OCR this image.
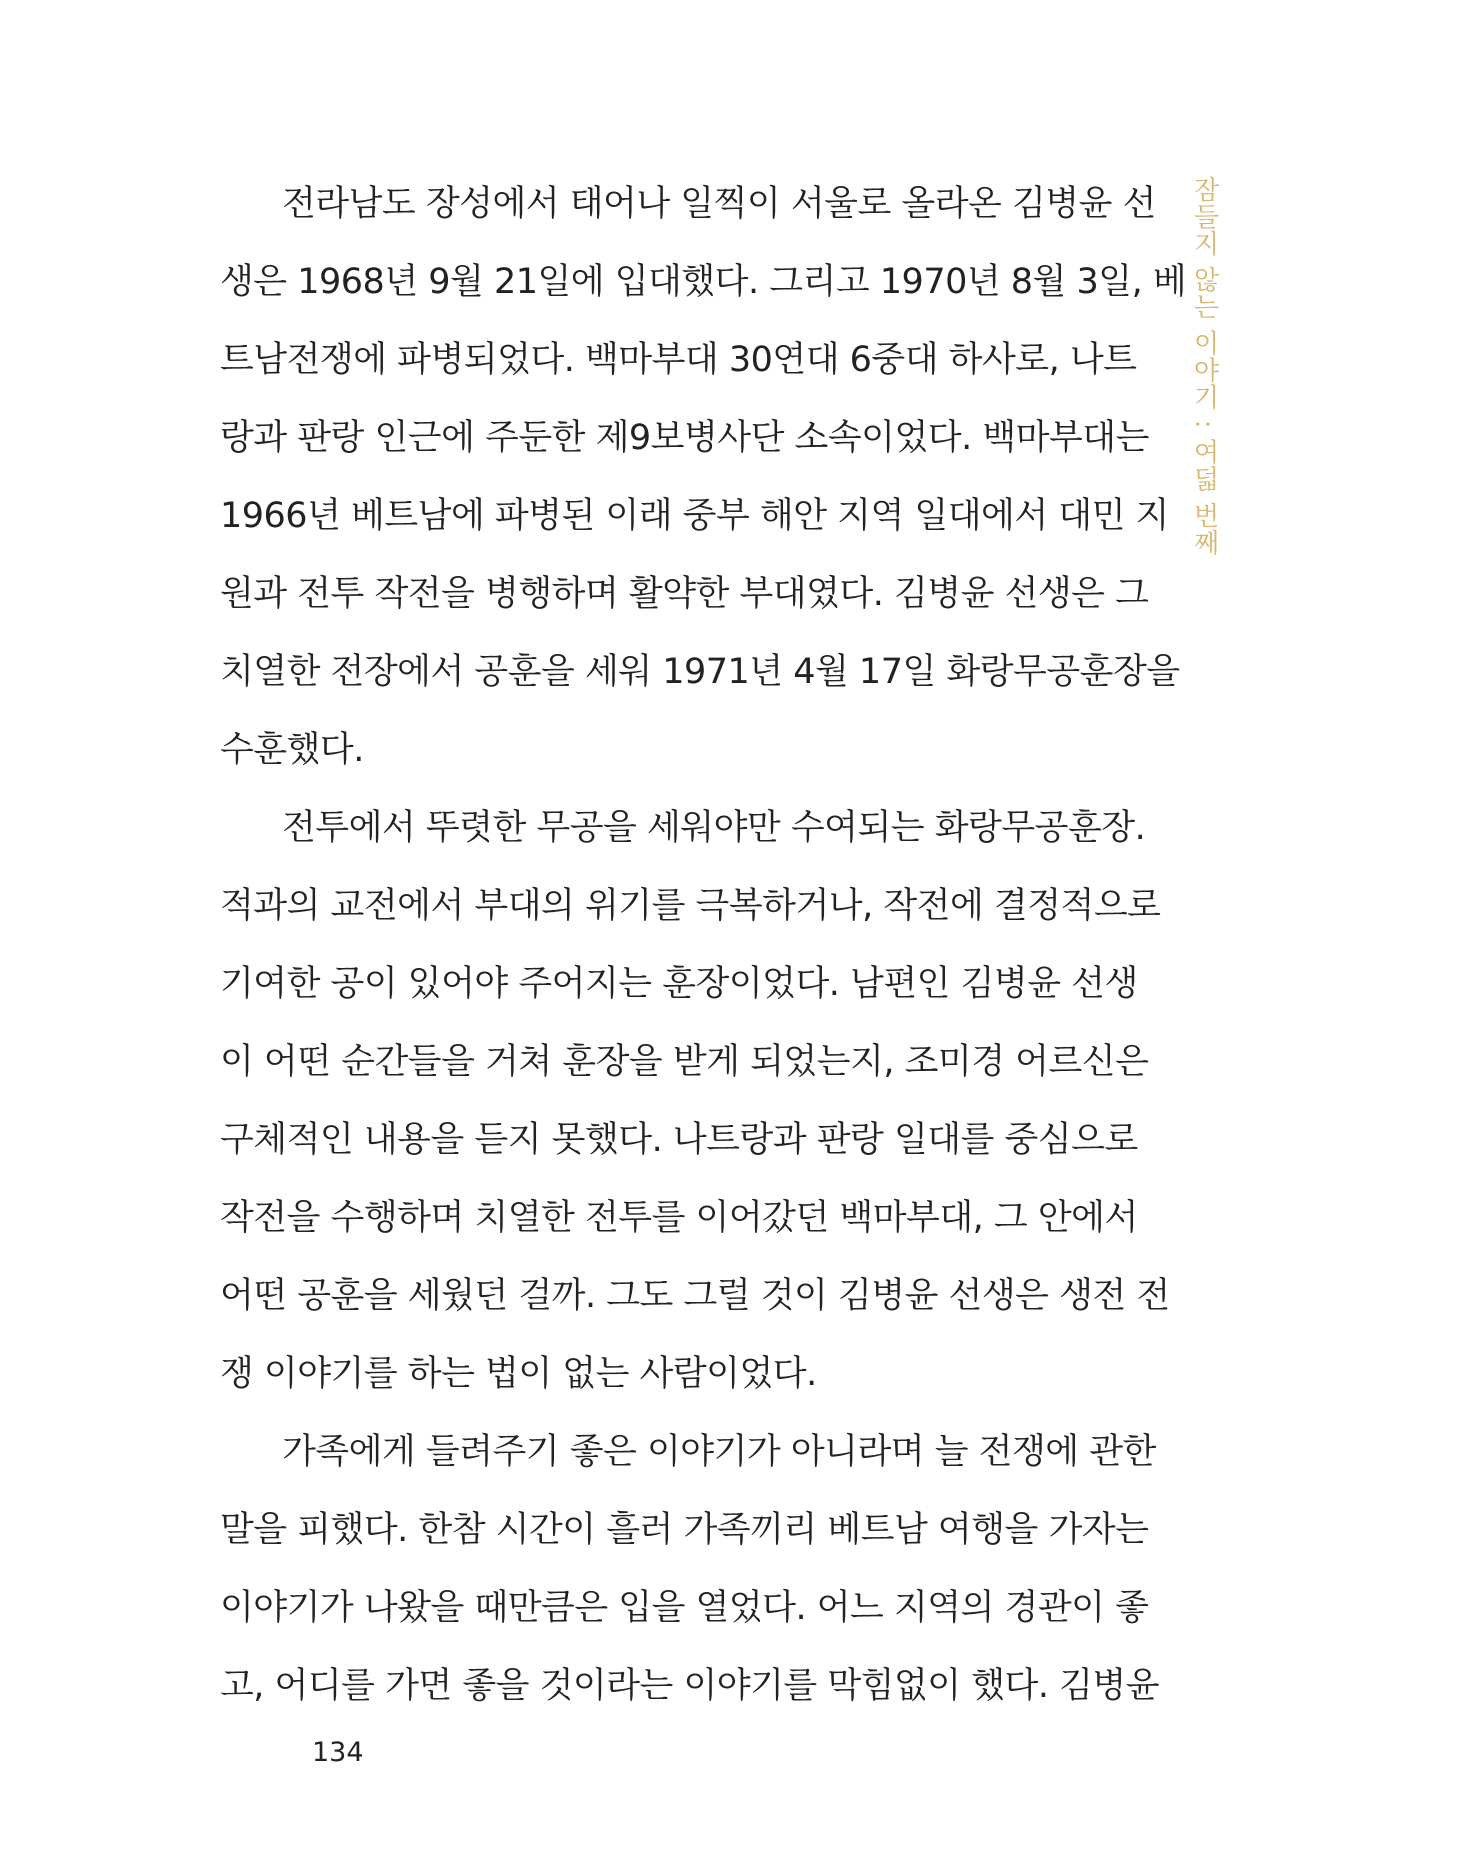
전라남도 장성에서 태어나 일찍이 서울로 올라온 김병윤 선
생은 1968년 9월 21일에 입대했다. 그리고 1970년 8월 3일, 베
트남전쟁에 파병되었다. 백마부대 30연대 6중대 하사로, 나트
랑과 판랑 인근에 주둔한 제9보병사단 소속이었다. 백마부대는
1966년 베트남에 파병된 이래 중부 해안 지역 일대에서 대민 지
원과 전투 작전을 병행하며 활약한 부대였다. 김병윤 선생은 그
치열한 전장에서 공훈을 세워 1971년 4월 17일 화랑무공훈장을
수훈했다.
전투에서 뚜렷한 무공을 세워야만 수여되는 화랑무공훈장.
적과의 교전에서 부대의 위기를 극복하거나, 작전에 결정적으로
기여한 공이 있어야 주어지는 훈장이었다. 남편인 김병윤 선생
이 어떤 순간들을 거쳐 훈장을 받게 되었는지, 조미경 어르신은
구체적인 내용을 듣지 못했다. 나트랑과 판랑 일대를 중심으로
작전을 수행하며 치열한 전투를 이어갔던 백마부대, 그 안에서
어떤 공훈을 세웠던 걸까. 그도 그럴 것이 김병윤 선생은 생전 전
쟁 이야기를 하는 법이 없는 사람이었다.
가족에게 들려주기 좋은 이야기가 아니라며 늘 전쟁에 관한
말을 피했다. 한참 시간이 흘러 가족끼리 베트남 여행을 가자는
이야기가 나왔을 때만큼은 입을 열었다. 어느 지역의 경관이 좋
고, 어디를 가면 좋을 것이라는 이야기를 막힘없이 했다. 김병윤
잠들지 않는 이야기 : 여덟 번째
134
